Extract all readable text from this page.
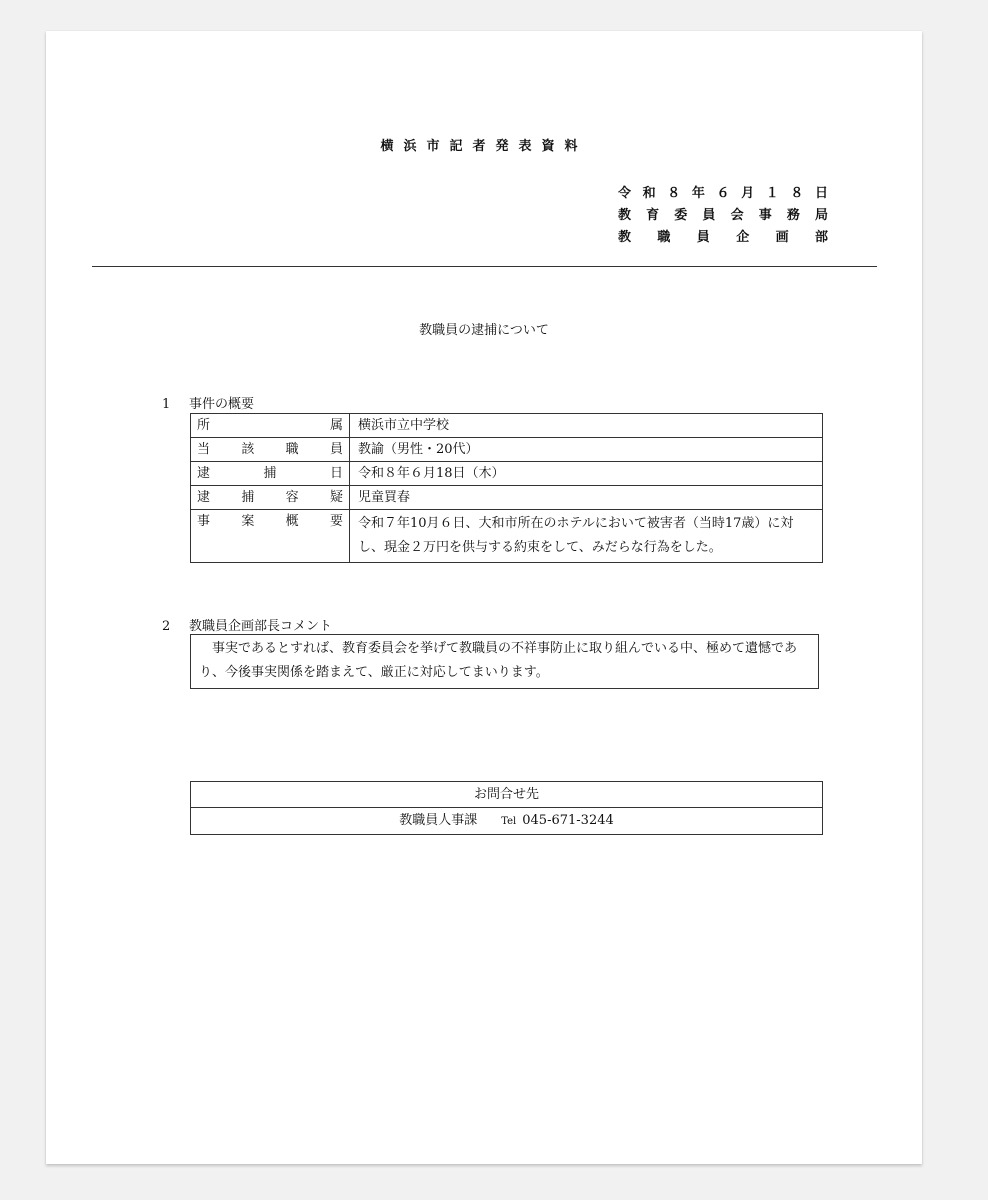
横浜市記者発表資料
令和８年６月１８日
教育委員会事務局
教職員企画部
教職員の逮捕について
1 事件の概要
所属	横浜市立中学校
当該職員	教諭（男性・20代）
逮捕日	令和８年６月18日（木）
逮捕容疑	児童買春
事案概要	令和７年10月６日、大和市所在のホテルにおいて被害者（当時17歳）に対し、現金２万円を供与する約束をして、みだらな行為をした。
2 教職員企画部長コメント
事実であるとすれば、教育委員会を挙げて教職員の不祥事防止に取り組んでいる中、極めて遺憾であり、今後事実関係を踏まえて、厳正に対応してまいります。
お問合せ先
教職員人事課 Tel 045-671-3244
